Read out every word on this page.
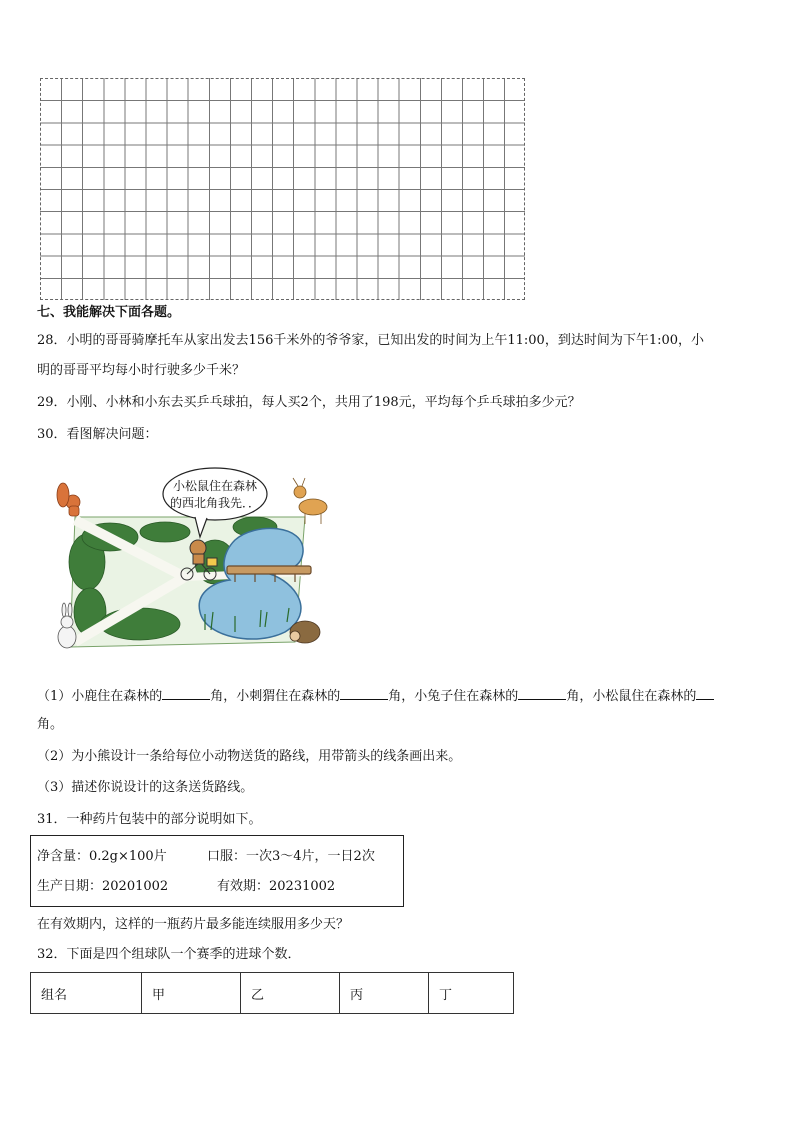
七、我能解决下面各题。
28．小明的哥哥骑摩托车从家出发去156千米外的爷爷家，已知出发的时间为上午11:00，到达时间为下午1:00，小
明的哥哥平均每小时行驶多少千米？
29．小刚、小林和小东去买乒乓球拍，每人买2个，共用了198元，平均每个乒乓球拍多少元？
30．看图解决问题：
小松鼠住在森林
的西北角我先．．
（1）小鹿住在森林的	角，小刺猬住在森林的	角，小兔子住在森林的	角，小松鼠住在森林的
角。
（2）为小熊设计一条给每位小动物送货的路线，用带箭头的线条画出来。
（3）描述你说设计的这条送货路线。
31．一种药片包装中的部分说明如下。
净含量：0.2g×100片	口服：一次3～4片，一日2次
生产日期：20201002	有效期：20231002
在有效期内，这样的一瓶药片最多能连续服用多少天？
32．下面是四个组球队一个赛季的进球个数．
组名	甲	乙	丙	丁
